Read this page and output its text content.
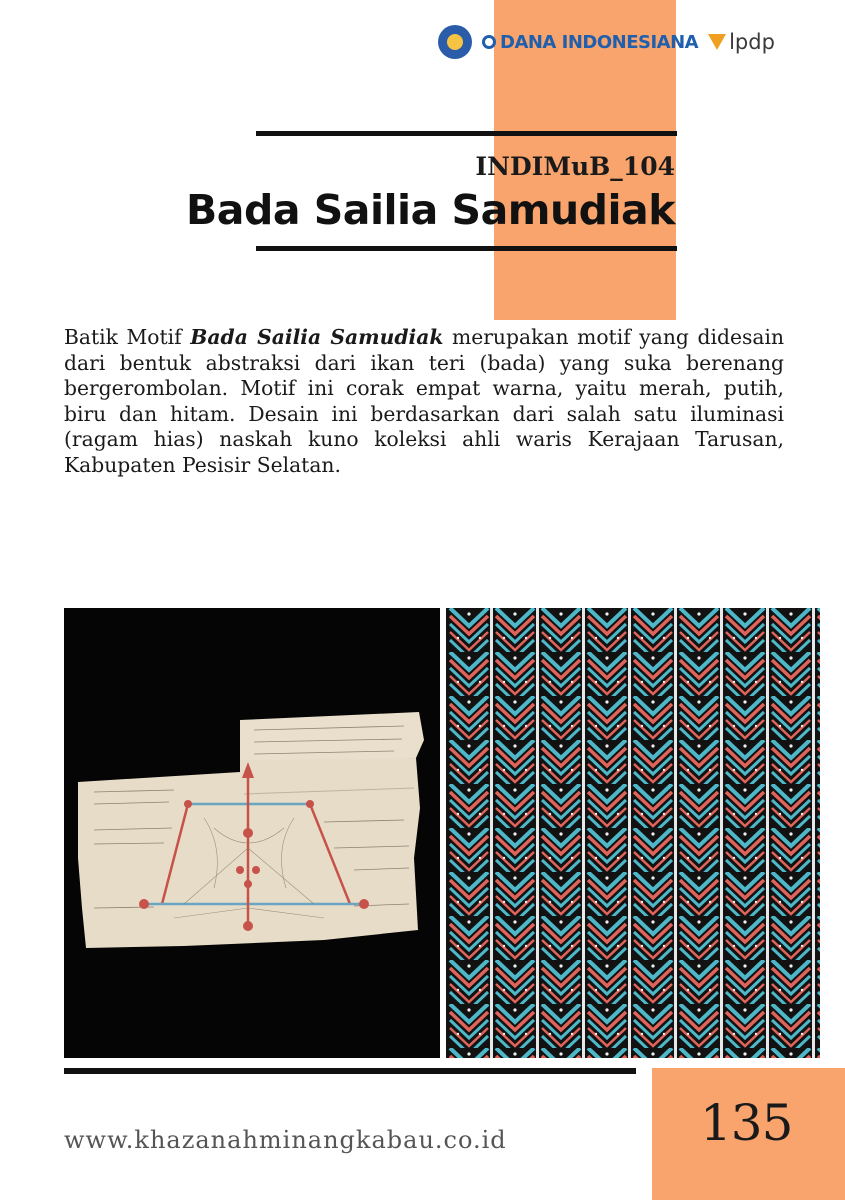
DANA INDONESIANA lpdp
INDIMuB_104
Bada Sailia Samudiak

Batik Motif Bada Sailia Samudiak merupakan motif yang didesain dari bentuk abstraksi dari ikan teri (bada) yang suka berenang bergerombolan. Motif ini corak empat warna, yaitu merah, putih, biru dan hitam. Desain ini berdasarkan dari salah satu iluminasi (ragam hias) naskah kuno koleksi ahli waris Kerajaan Tarusan, Kabupaten Pesisir Selatan.

www.khazanahminangkabau.co.id	135
